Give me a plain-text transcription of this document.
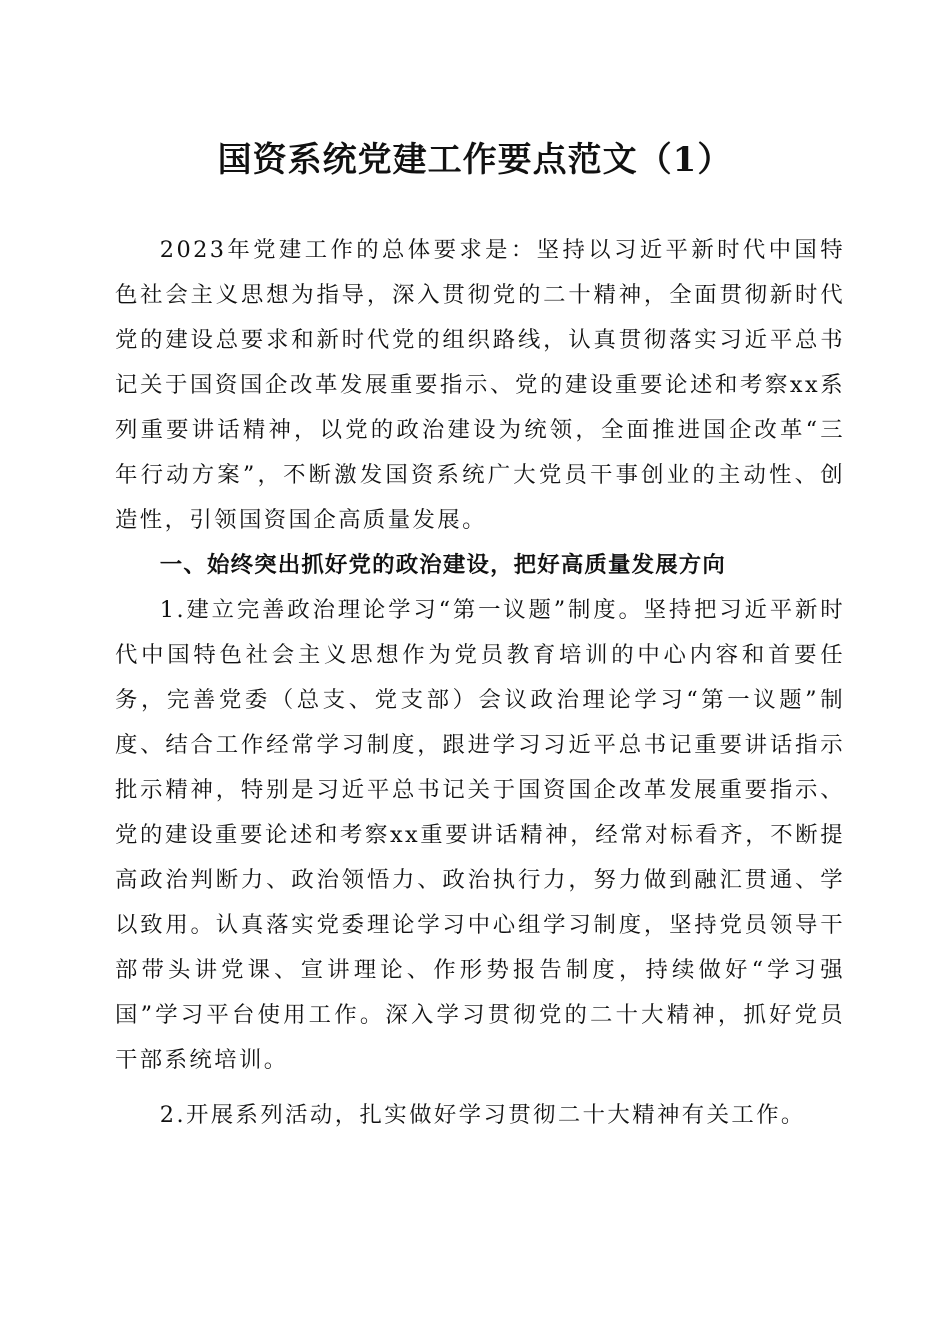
国资系统党建工作要点范文（1）

2023年党建工作的总体要求是：坚持以习近平新时代中国特色社会主义思想为指导，深入贯彻党的二十精神，全面贯彻新时代党的建设总要求和新时代党的组织路线，认真贯彻落实习近平总书记关于国资国企改革发展重要指示、党的建设重要论述和考察xx系列重要讲话精神，以党的政治建设为统领，全面推进国企改革“三年行动方案”，不断激发国资系统广大党员干事创业的主动性、创造性，引领国资国企高质量发展。

一、始终突出抓好党的政治建设，把好高质量发展方向

1.建立完善政治理论学习“第一议题”制度。坚持把习近平新时代中国特色社会主义思想作为党员教育培训的中心内容和首要任务，完善党委（总支、党支部）会议政治理论学习“第一议题”制度、结合工作经常学习制度，跟进学习习近平总书记重要讲话指示批示精神，特别是习近平总书记关于国资国企改革发展重要指示、党的建设重要论述和考察xx重要讲话精神，经常对标看齐，不断提高政治判断力、政治领悟力、政治执行力，努力做到融汇贯通、学以致用。认真落实党委理论学习中心组学习制度，坚持党员领导干部带头讲党课、宣讲理论、作形势报告制度，持续做好“学习强国”学习平台使用工作。深入学习贯彻党的二十大精神，抓好党员干部系统培训。

2.开展系列活动，扎实做好学习贯彻二十大精神有关工作。
